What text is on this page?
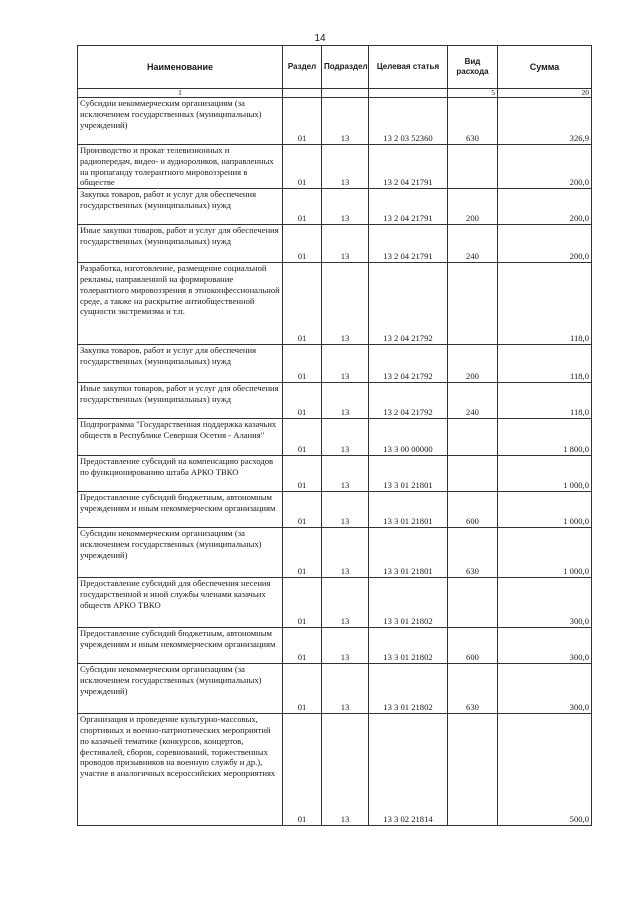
14
Наименование	Раздел	Подраздел	Целевая статья	Вид расхода	Сумма
1				5	20
Субсидии некоммерческим организациям (за исключением государственных (муниципальных) учреждений)	01	13	13 2 03 52360	630	326,9
Производство и прокат телевизионных и радиопередач, видео- и аудиороликов, направленных на пропаганду толерантного мировоззрения в обществе	01	13	13 2 04 21791		200,0
Закупка товаров, работ и услуг для обеспечения государственных (муниципальных) нужд	01	13	13 2 04 21791	200	200,0
Иные закупки товаров, работ и услуг для обеспечения государственных (муниципальных) нужд	01	13	13 2 04 21791	240	200,0
Разработка, изготовление, размещение социальной рекламы, направленной на формирование толерантного мировоззрения в этноконфессиональной среде, а также на раскрытие антиобщественной сущности экстремизма и т.п.	01	13	13 2 04 21792		118,0
Закупка товаров, работ и услуг для обеспечения государственных (муниципальных) нужд	01	13	13 2 04 21792	200	118,0
Иные закупки товаров, работ и услуг для обеспечения государственных (муниципальных) нужд	01	13	13 2 04 21792	240	118,0
Подпрограмма "Государственная поддержка казачьих обществ в Республике Северная Осетия - Алания"	01	13	13 3 00 00000		1 800,0
Предоставление субсидий на компенсацию расходов по функционированию штаба АРКО ТВКО	01	13	13 3 01 21801		1 000,0
Предоставление субсидий бюджетным, автономным учреждениям и иным некоммерческим организациям	01	13	13 3 01 21801	600	1 000,0
Субсидии некоммерческим организациям (за исключением государственных (муниципальных) учреждений)	01	13	13 3 01 21801	630	1 000,0
Предоставление субсидий для обеспечения несения государственной и иной службы членами казачьих обществ АРКО ТВКО	01	13	13 3 01 21802		300,0
Предоставление субсидий бюджетным, автономным учреждениям и иным некоммерческим организациям	01	13	13 3 01 21802	600	300,0
Субсидии некоммерческим организациям (за исключением государственных (муниципальных) учреждений)	01	13	13 3 01 21802	630	300,0
Организация и проведение культурно-массовых, спортивных и военно-патриотических мероприятий по казачьей тематике (конкурсов, концертов, фестивалей, сборов, соревнований, торжественных проводов призывников на военную службу и др.), участие в аналогичных всероссийских мероприятиях	01	13	13 3 02 21814		500,0
